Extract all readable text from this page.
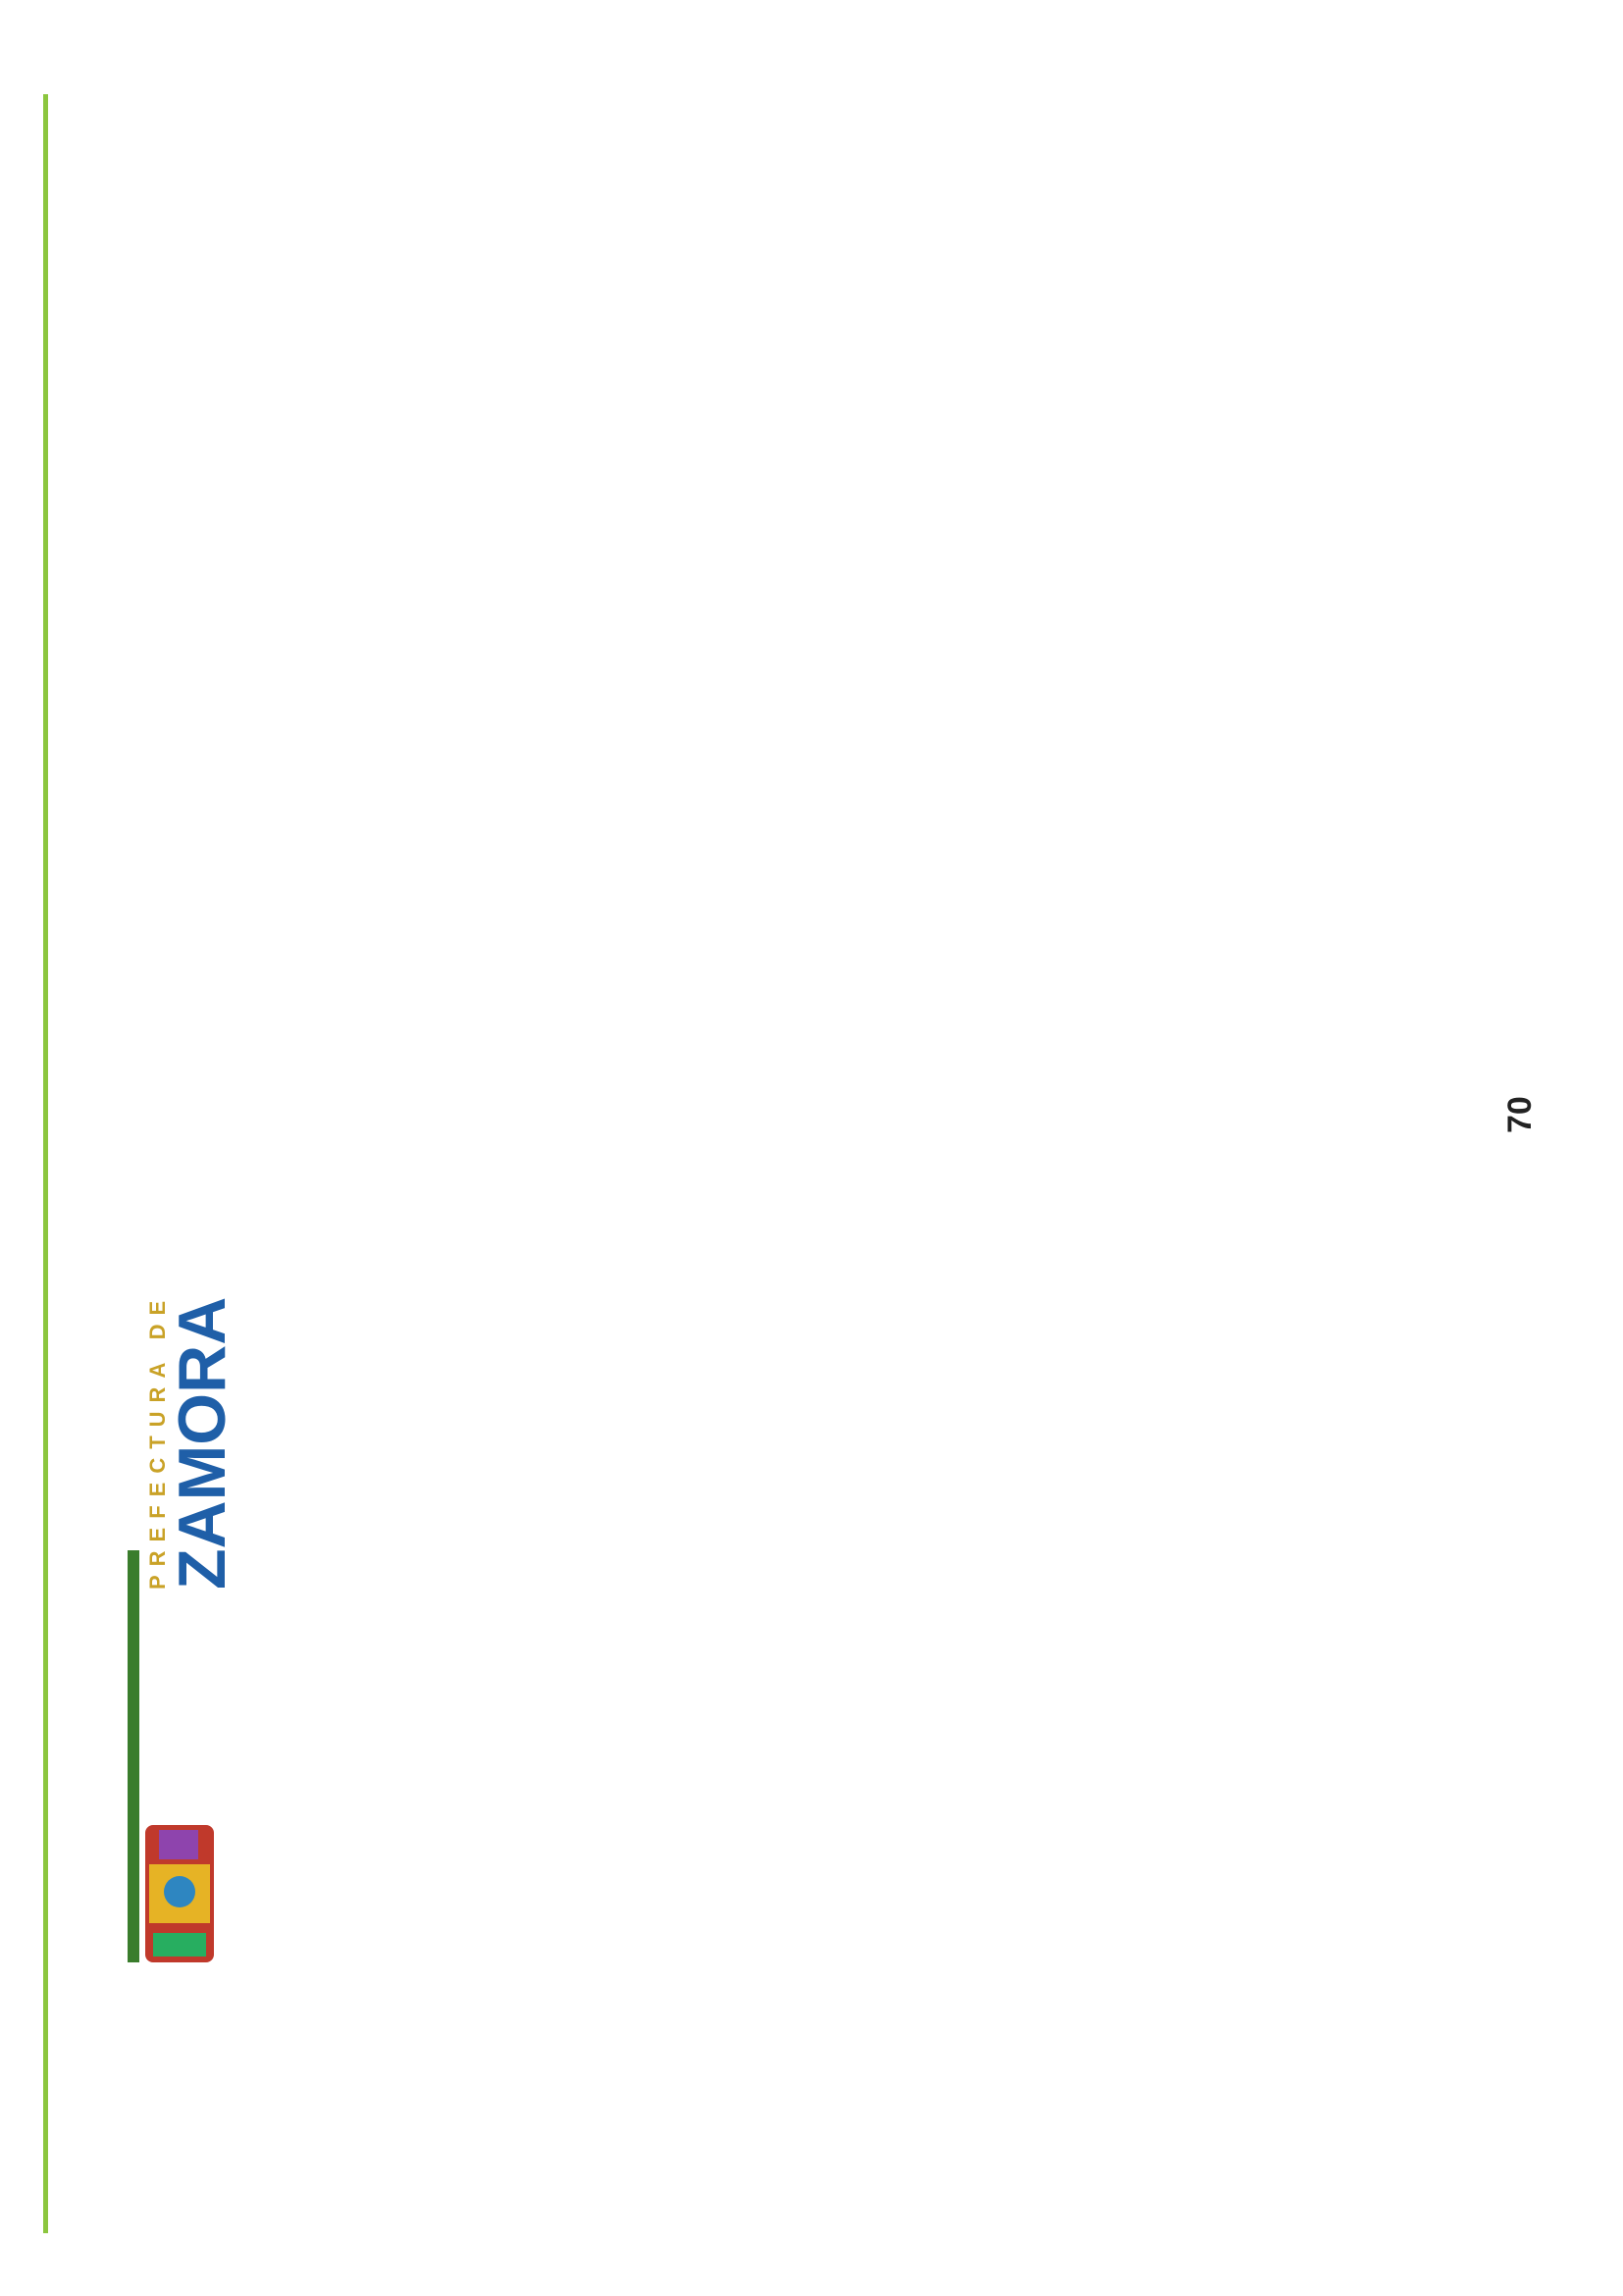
PREFECTURA DE
ZAMORA
70
